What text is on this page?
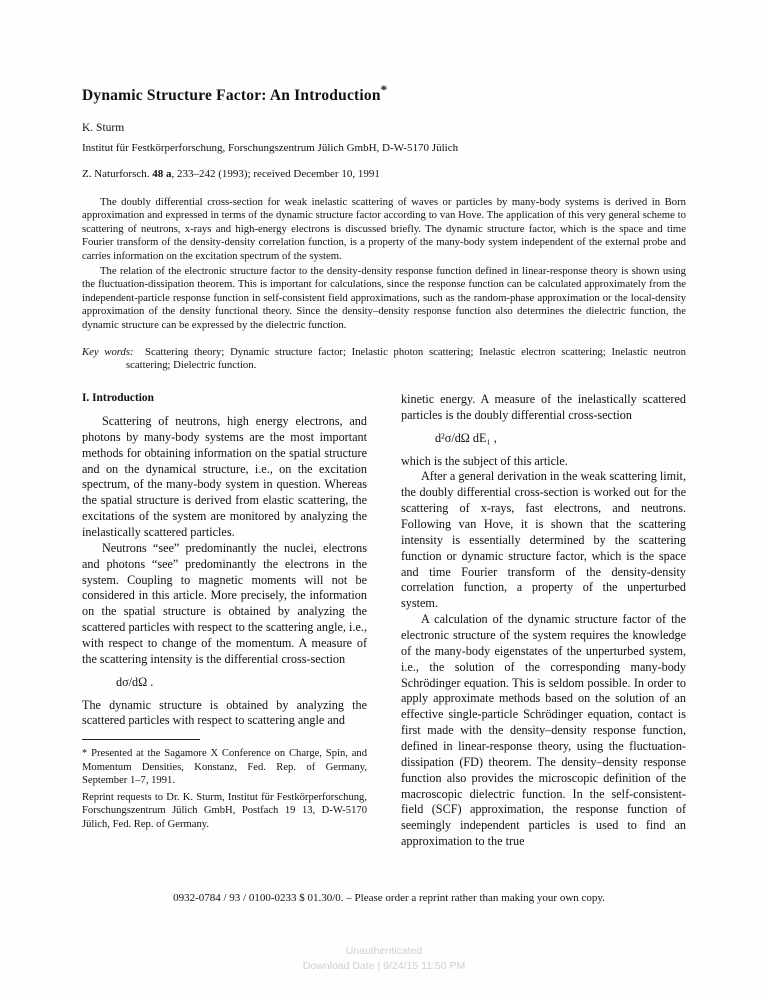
Dynamic Structure Factor: An Introduction*
K. Sturm
Institut für Festkörperforschung, Forschungszentrum Jülich GmbH, D-W-5170 Jülich
Z. Naturforsch. 48 a, 233–242 (1993); received December 10, 1991

The doubly differential cross-section for weak inelastic scattering of waves or particles by many-body systems is derived in Born approximation and expressed in terms of the dynamic structure factor according to van Hove. The application of this very general scheme to scattering of neutrons, x-rays and high-energy electrons is discussed briefly. The dynamic structure factor, which is the space and time Fourier transform of the density-density correlation function, is a property of the many-body system independent of the external probe and carries information on the excitation spectrum of the system.

The relation of the electronic structure factor to the density-density response function defined in linear-response theory is shown using the fluctuation-dissipation theorem. This is important for calculations, since the response function can be calculated approximately from the independent-particle response function in self-consistent field approximations, such as the random-phase approximation or the local-density approximation of the density functional theory. Since the density–density response function also determines the dielectric function, the dynamic structure can be expressed by the dielectric function.

Key words: Scattering theory; Dynamic structure factor; Inelastic photon scattering; Inelastic electron scattering; Inelastic neutron scattering; Dielectric function.
I. Introduction

Scattering of neutrons, high energy electrons, and photons by many-body systems are the most important methods for obtaining information on the spatial structure and on the dynamical structure, i.e., on the excitation spectrum, of the many-body system in question. Whereas the spatial structure is derived from elastic scattering, the excitations of the system are monitored by analyzing the inelastically scattered particles.

Neutrons “see” predominantly the nuclei, electrons and photons “see” predominantly the electrons in the system. Coupling to magnetic moments will not be considered in this article. More precisely, the information on the spatial structure is obtained by analyzing the scattered particles with respect to the scattering angle, i.e., with respect to change of the momentum. A measure of the scattering intensity is the differential cross-section

dσ/dΩ .

The dynamic structure is obtained by analyzing the scattered particles with respect to scattering angle and

* Presented at the Sagamore X Conference on Charge, Spin, and Momentum Densities, Konstanz, Fed. Rep. of Germany, September 1–7, 1991.

Reprint requests to Dr. K. Sturm, Institut für Festkörperforschung, Forschungszentrum Jülich GmbH, Postfach 19 13, D-W-5170 Jülich, Fed. Rep. of Germany.

kinetic energy. A measure of the inelastically scattered particles is the doubly differential cross-section

d²σ/dΩ dE₁ ,

which is the subject of this article.

After a general derivation in the weak scattering limit, the doubly differential cross-section is worked out for the scattering of x-rays, fast electrons, and neutrons. Following van Hove, it is shown that the scattering intensity is essentially determined by the scattering function or dynamic structure factor, which is the space and time Fourier transform of the density-density correlation function, a property of the unperturbed system.

A calculation of the dynamic structure factor of the electronic structure of the system requires the knowledge of the many-body eigenstates of the unperturbed system, i.e., the solution of the corresponding many-body Schrödinger equation. This is seldom possible. In order to apply approximate methods based on the solution of an effective single-particle Schrödinger equation, contact is first made with the density–density response function, defined in linear-response theory, using the fluctuation-dissipation (FD) theorem. The density–density response function also provides the microscopic definition of the macroscopic dielectric function. In the self-consistent-field (SCF) approximation, the response function of seemingly independent particles is used to find an approximation to the true

0932-0784 / 93 / 0100-0233 $ 01.30/0. – Please order a reprint rather than making your own copy.
Unauthenticated
Download Date | 9/24/15 11:50 PM
